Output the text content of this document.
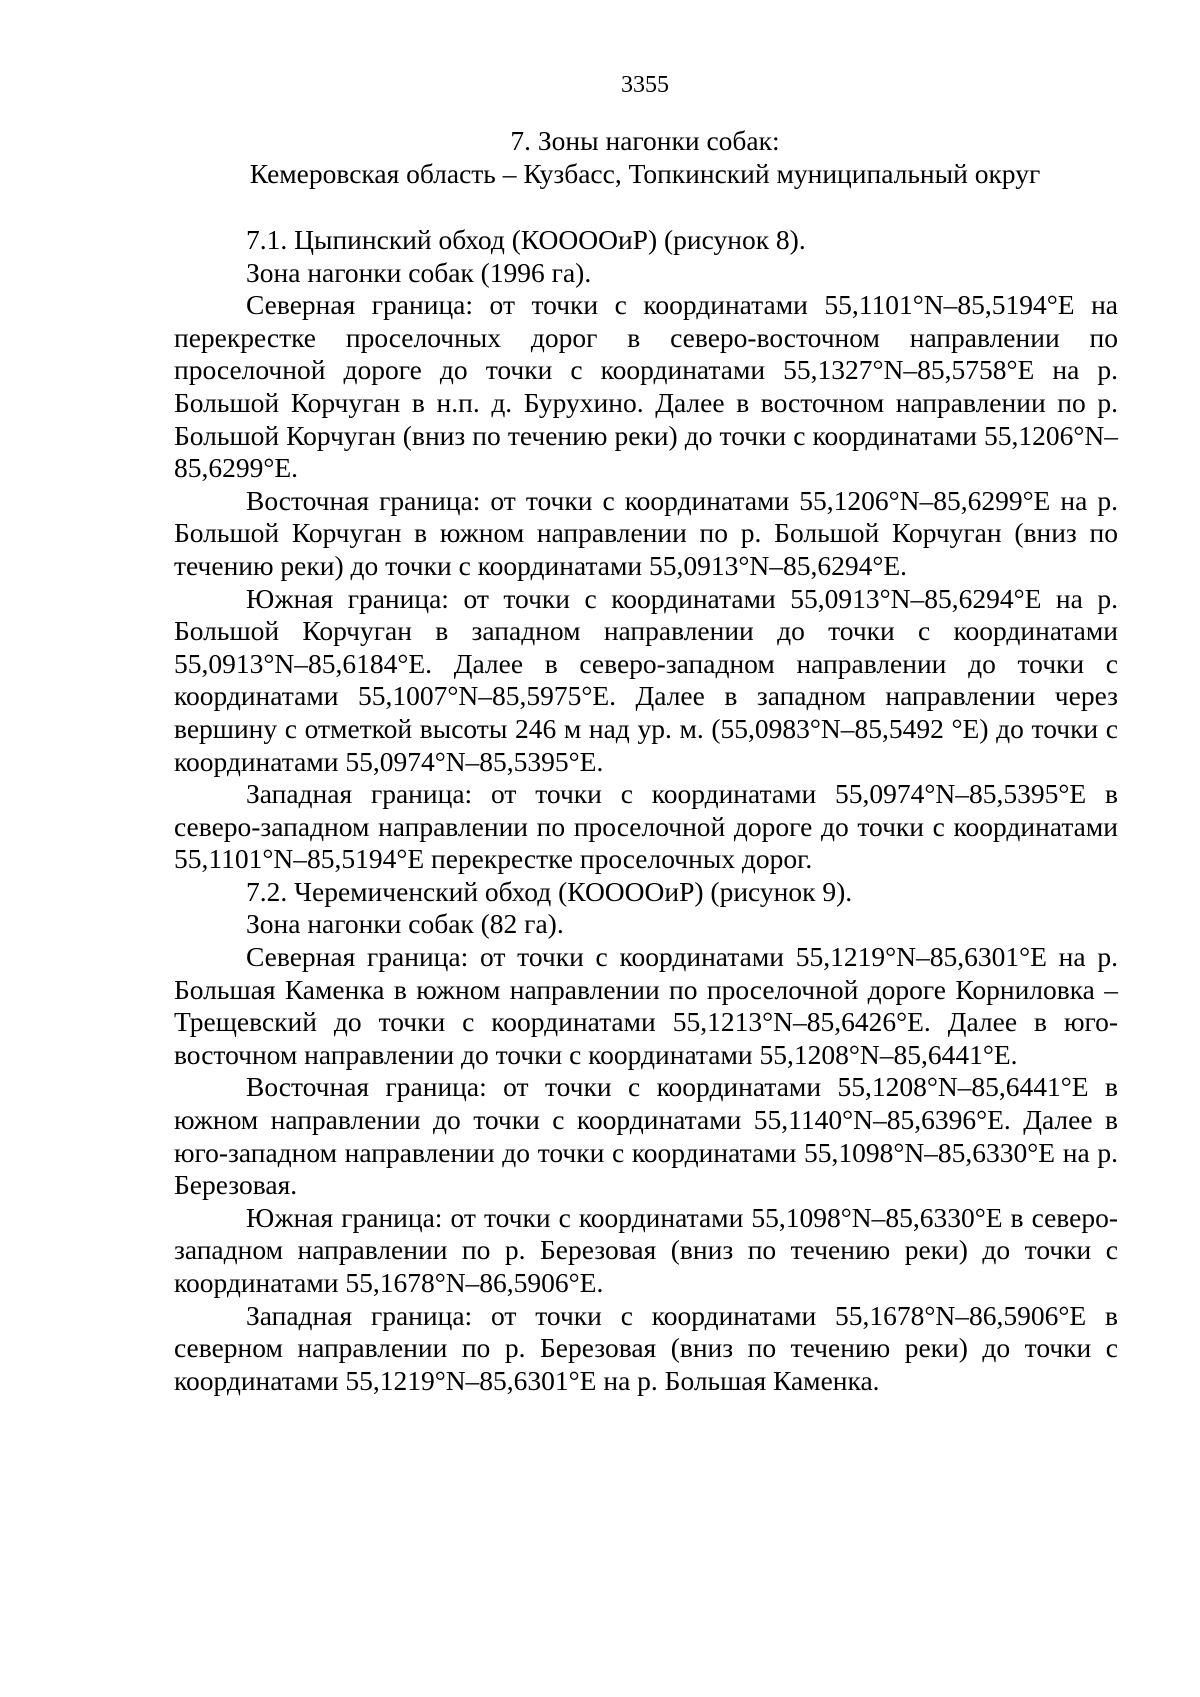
3355
7. Зоны нагонки собак:
Кемеровская область – Кузбасс, Топкинский муниципальный округ

7.1. Цыпинский обход (КООООиР) (рисунок 8).

Зона нагонки собак (1996 га).

Северная граница: от точки с координатами 55,1101°N–85,5194°E на перекрестке проселочных дорог в северо-восточном направлении по проселочной дороге до точки с координатами 55,1327°N–85,5758°E на р. Большой Корчуган в н.п. д. Бурухино. Далее в восточном направлении по р. Большой Корчуган (вниз по течению реки) до точки с координатами 55,1206°N–85,6299°E.

Восточная граница: от точки с координатами 55,1206°N–85,6299°E на р. Большой Корчуган в южном направлении по р. Большой Корчуган (вниз по течению реки) до точки с координатами 55,0913°N–85,6294°E.

Южная граница: от точки с координатами 55,0913°N–85,6294°E на р. Большой Корчуган в западном направлении до точки с координатами 55,0913°N–85,6184°E. Далее в северо-западном направлении до точки с координатами 55,1007°N–85,5975°E. Далее в западном направлении через вершину с отметкой высоты 246 м над ур. м. (55,0983°N–85,5492 °E) до точки с координатами 55,0974°N–85,5395°E.

Западная граница: от точки с координатами 55,0974°N–85,5395°E в северо-западном направлении по проселочной дороге до точки с координатами 55,1101°N–85,5194°E перекрестке проселочных дорог.

7.2. Черемиченский обход (КООООиР) (рисунок 9).

Зона нагонки собак (82 га).

Северная граница: от точки с координатами 55,1219°N–85,6301°E на р. Большая Каменка в южном направлении по проселочной дороге Корниловка – Трещевский до точки с координатами 55,1213°N–85,6426°E. Далее в юго-восточном направлении до точки с координатами 55,1208°N–85,6441°E.

Восточная граница: от точки с координатами 55,1208°N–85,6441°E в южном направлении до точки с координатами 55,1140°N–85,6396°E. Далее в юго-западном направлении до точки с координатами 55,1098°N–85,6330°E на р. Березовая.

Южная граница: от точки с координатами 55,1098°N–85,6330°E в северо-западном направлении по р. Березовая (вниз по течению реки) до точки с координатами 55,1678°N–86,5906°E.

Западная граница: от точки с координатами 55,1678°N–86,5906°E в северном направлении по р. Березовая (вниз по течению реки) до точки с координатами 55,1219°N–85,6301°E на р. Большая Каменка.
